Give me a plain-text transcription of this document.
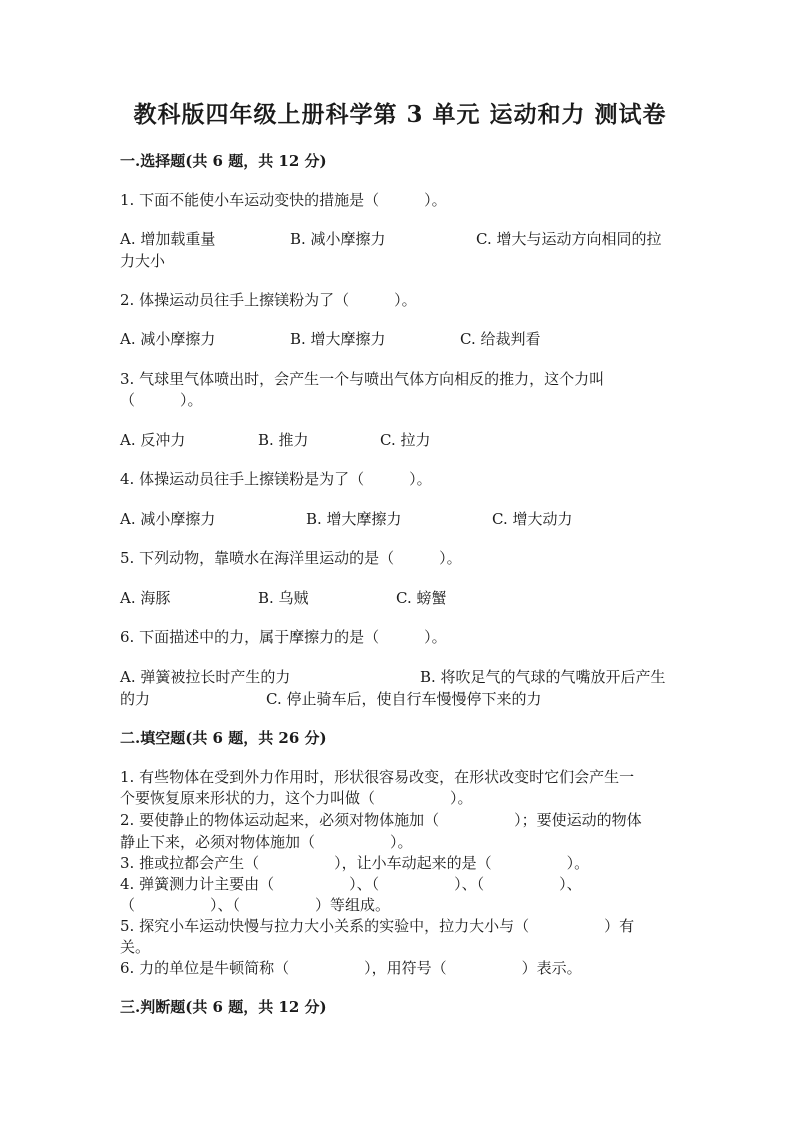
教科版四年级上册科学第 3 单元 运动和力 测试卷
一.选择题(共 6 题，共 12 分)
1. 下面不能使小车运动变快的措施是（　　　）。
A. 增加载重量	B. 减小摩擦力	C. 增大与运动方向相同的拉
力大小
2. 体操运动员往手上擦镁粉为了（　　　）。
A. 减小摩擦力	B. 增大摩擦力	C. 给裁判看
3. 气球里气体喷出时，会产生一个与喷出气体方向相反的推力，这个力叫
（　　　）。
A. 反冲力	B. 推力	C. 拉力
4. 体操运动员往手上擦镁粉是为了（　　　）。
A. 减小摩擦力	B. 增大摩擦力	C. 增大动力
5. 下列动物，靠喷水在海洋里运动的是（　　　）。
A. 海豚	B. 乌贼	C. 螃蟹
6. 下面描述中的力，属于摩擦力的是（　　　）。
A. 弹簧被拉长时产生的力	B. 将吹足气的气球的气嘴放开后产生
的力	C. 停止骑车后，使自行车慢慢停下来的力
二.填空题(共 6 题，共 26 分)
1. 有些物体在受到外力作用时，形状很容易改变，在形状改变时它们会产生一
个要恢复原来形状的力，这个力叫做（　　　　　）。
2. 要使静止的物体运动起来，必须对物体施加（　　　　　）；要使运动的物体
静止下来，必须对物体施加（　　　　　）。
3. 推或拉都会产生（　　　　　），让小车动起来的是（　　　　　）。
4. 弹簧测力计主要由（　　　　　）、（　　　　　）、（　　　　　）、
（　　　　　）、（　　　　　）等组成。
5. 探究小车运动快慢与拉力大小关系的实验中，拉力大小与（　　　　　）有
关。
6. 力的单位是牛顿简称（　　　　　），用符号（　　　　　）表示。
三.判断题(共 6 题，共 12 分)
